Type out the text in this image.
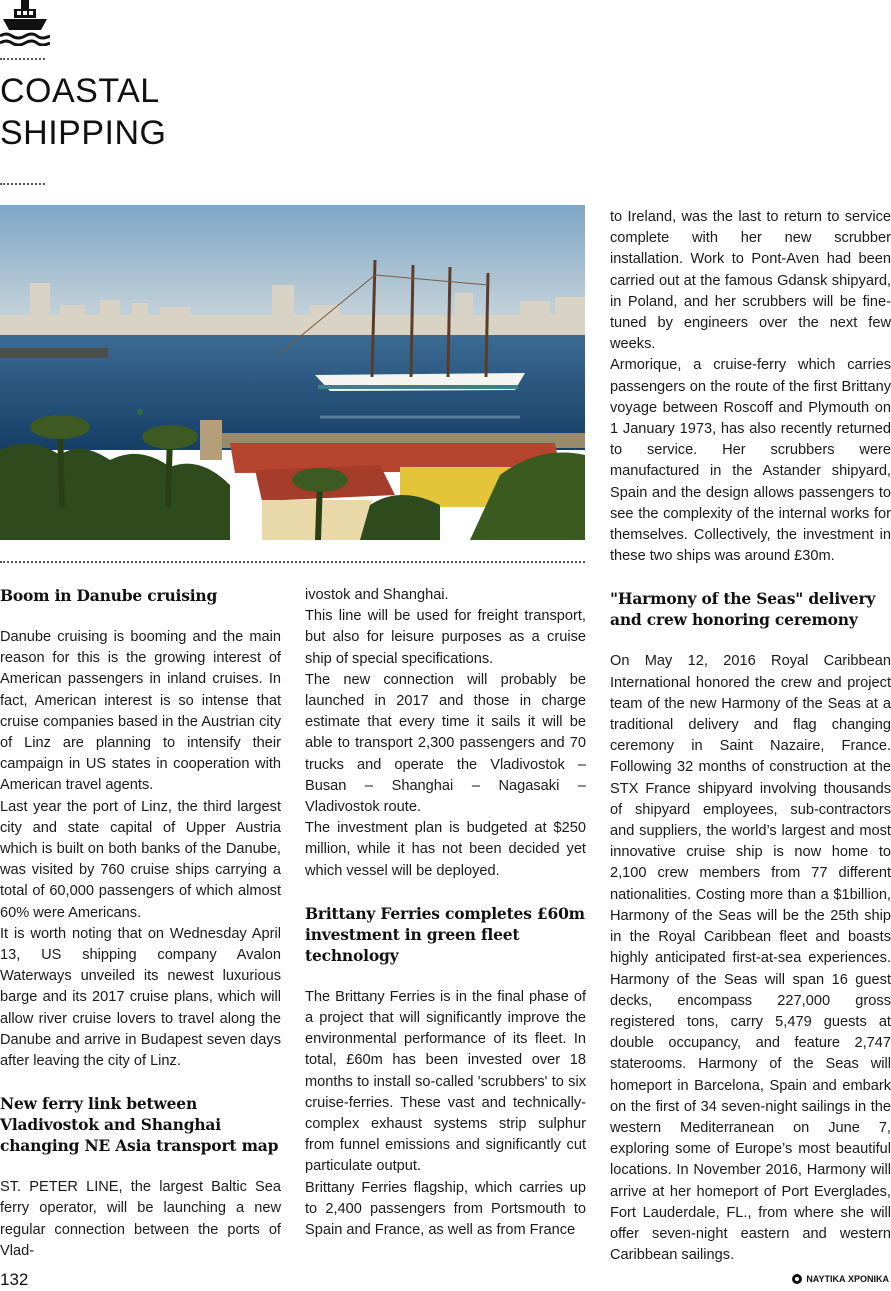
COASTAL
SHIPPING
Boom in Danube cruising

Danube cruising is booming and the main reason for this is the growing interest of American passengers in inland cruises. In fact, American interest is so intense that cruise companies based in the Austrian city of Linz are planning to intensify their campaign in US states in cooperation with American travel agents.

Last year the port of Linz, the third largest city and state capital of Upper Austria which is built on both banks of the Danube, was visited by 760 cruise ships carrying a total of 60,000 passengers of which almost 60% were Americans.

It is worth noting that on Wednesday April 13, US shipping company Avalon Waterways unveiled its newest luxurious barge and its 2017 cruise plans, which will allow river cruise lovers to travel along the Danube and arrive in Budapest seven days after leaving the city of Linz.

New ferry link between Vladivostok and Shanghai changing NE Asia transport map

ST. PETER LINE, the largest Baltic Sea ferry operator, will be launching a new regular connection between the ports of Vlad-

ivostok and Shanghai.

This line will be used for freight transport, but also for leisure purposes as a cruise ship of special specifications.

The new connection will probably be launched in 2017 and those in charge estimate that every time it sails it will be able to transport 2,300 passengers and 70 trucks and operate the Vladivostok – Busan – Shanghai – Nagasaki – Vladivostok route.

The investment plan is budgeted at $250 million, while it has not been decided yet which vessel will be deployed.

Brittany Ferries completes £60m investment in green fleet technology

The Brittany Ferries is in the final phase of a project that will significantly improve the environmental performance of its fleet. In total, £60m has been invested over 18 months to install so-called 'scrubbers' to six cruise-ferries. These vast and technically-complex exhaust systems strip sulphur from funnel emissions and significantly cut particulate output.

Brittany Ferries flagship, which carries up to 2,400 passengers from Portsmouth to Spain and France, as well as from France

to Ireland, was the last to return to service complete with her new scrubber installation. Work to Pont-Aven had been carried out at the famous Gdansk shipyard, in Poland, and her scrubbers will be fine-tuned by engineers over the next few weeks.

Armorique, a cruise-ferry which carries passengers on the route of the first Brittany voyage between Roscoff and Plymouth on 1 January 1973, has also recently returned to service. Her scrubbers were manufactured in the Astander shipyard, Spain and the design allows passengers to see the complexity of the internal works for themselves. Collectively, the investment in these two ships was around £30m.

"Harmony of the Seas" delivery and crew honoring ceremony

On May 12, 2016 Royal Caribbean International honored the crew and project team of the new Harmony of the Seas at a traditional delivery and flag changing ceremony in Saint Nazaire, France. Following 32 months of construction at the STX France shipyard involving thousands of shipyard employees, sub-contractors and suppliers, the world’s largest and most innovative cruise ship is now home to 2,100 crew members from 77 different nationalities. Costing more than a $1billion, Harmony of the Seas will be the 25th ship in the Royal Caribbean fleet and boasts highly anticipated first-at-sea experiences. Harmony of the Seas will span 16 guest decks, encompass 227,000 gross registered tons, carry 5,479 guests at double occupancy, and feature 2,747 staterooms. Harmony of the Seas will homeport in Barcelona, Spain and embark on the first of 34 seven-night sailings in the western Mediterranean on June 7, exploring some of Europe’s most beautiful locations. In November 2016, Harmony will arrive at her homeport of Port Everglades, Fort Lauderdale, FL., from where she will offer seven-night eastern and western Caribbean sailings.

132	ΝΑΥΤΙΚΑ ΧΡΟΝΙΚΑ
